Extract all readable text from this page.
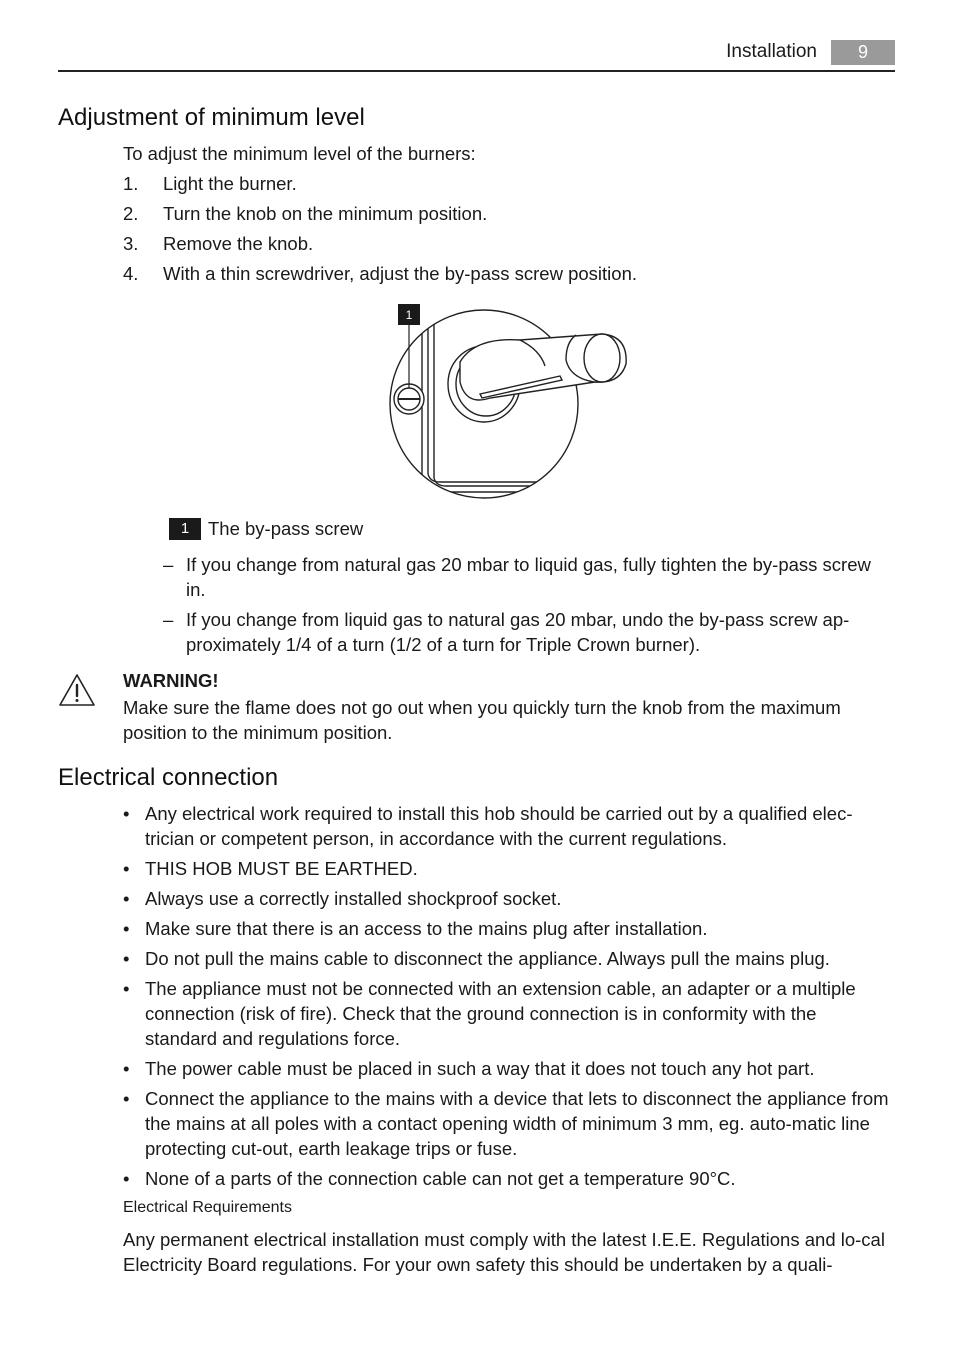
Installation	9
Adjustment of minimum level

To adjust the minimum level of the burners:

1. Light the burner.
2. Turn the knob on the minimum position.
3. Remove the knob.
4. With a thin screwdriver, adjust the by-pass screw position.
1
1	The by-pass screw
– If you change from natural gas 20 mbar to liquid gas, fully tighten the by-pass screw in.
– If you change from liquid gas to natural gas 20 mbar, undo the by-pass screw ap-proximately 1/4 of a turn (1/2 of a turn for Triple Crown burner).
WARNING!

Make sure the flame does not go out when you quickly turn the knob from the maximum position to the minimum position.

Electrical connection
• Any electrical work required to install this hob should be carried out by a qualified elec-trician or competent person, in accordance with the current regulations.
• THIS HOB MUST BE EARTHED.
• Always use a correctly installed shockproof socket.
• Make sure that there is an access to the mains plug after installation.
• Do not pull the mains cable to disconnect the appliance. Always pull the mains plug.
• The appliance must not be connected with an extension cable, an adapter or a multiple connection (risk of fire). Check that the ground connection is in conformity with the standard and regulations force.
• The power cable must be placed in such a way that it does not touch any hot part.
• Connect the appliance to the mains with a device that lets to disconnect the appliance from the mains at all poles with a contact opening width of minimum 3 mm, eg. auto-matic line protecting cut-out, earth leakage trips or fuse.
• None of a parts of the connection cable can not get a temperature 90°C.
Electrical Requirements

Any permanent electrical installation must comply with the latest I.E.E. Regulations and lo-cal Electricity Board regulations. For your own safety this should be undertaken by a quali-
